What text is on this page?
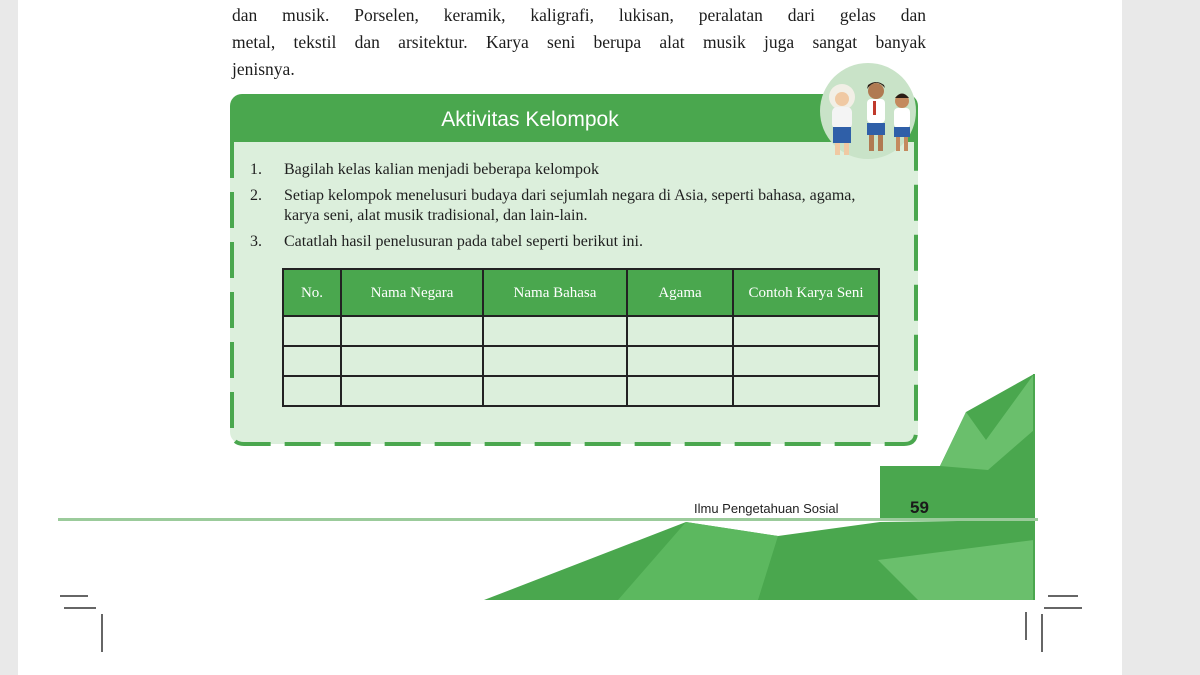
dan musik. Porselen, keramik, kaligrafi, lukisan, peralatan dari gelas dan
metal, tekstil dan arsitektur. Karya seni berupa alat musik juga sangat banyak
jenisnya.
Aktivitas Kelompok
1. Bagilah kelas kalian menjadi beberapa kelompok
2. Setiap kelompok menelusuri budaya dari sejumlah negara di Asia, seperti bahasa, agama, karya seni, alat musik tradisional, dan lain-lain.
3. Catatlah hasil penelusuran pada tabel seperti berikut ini.
No.	Nama Negara	Nama Bahasa	Agama	Contoh Karya Seni

Ilmu Pengetahuan Sosial	59
